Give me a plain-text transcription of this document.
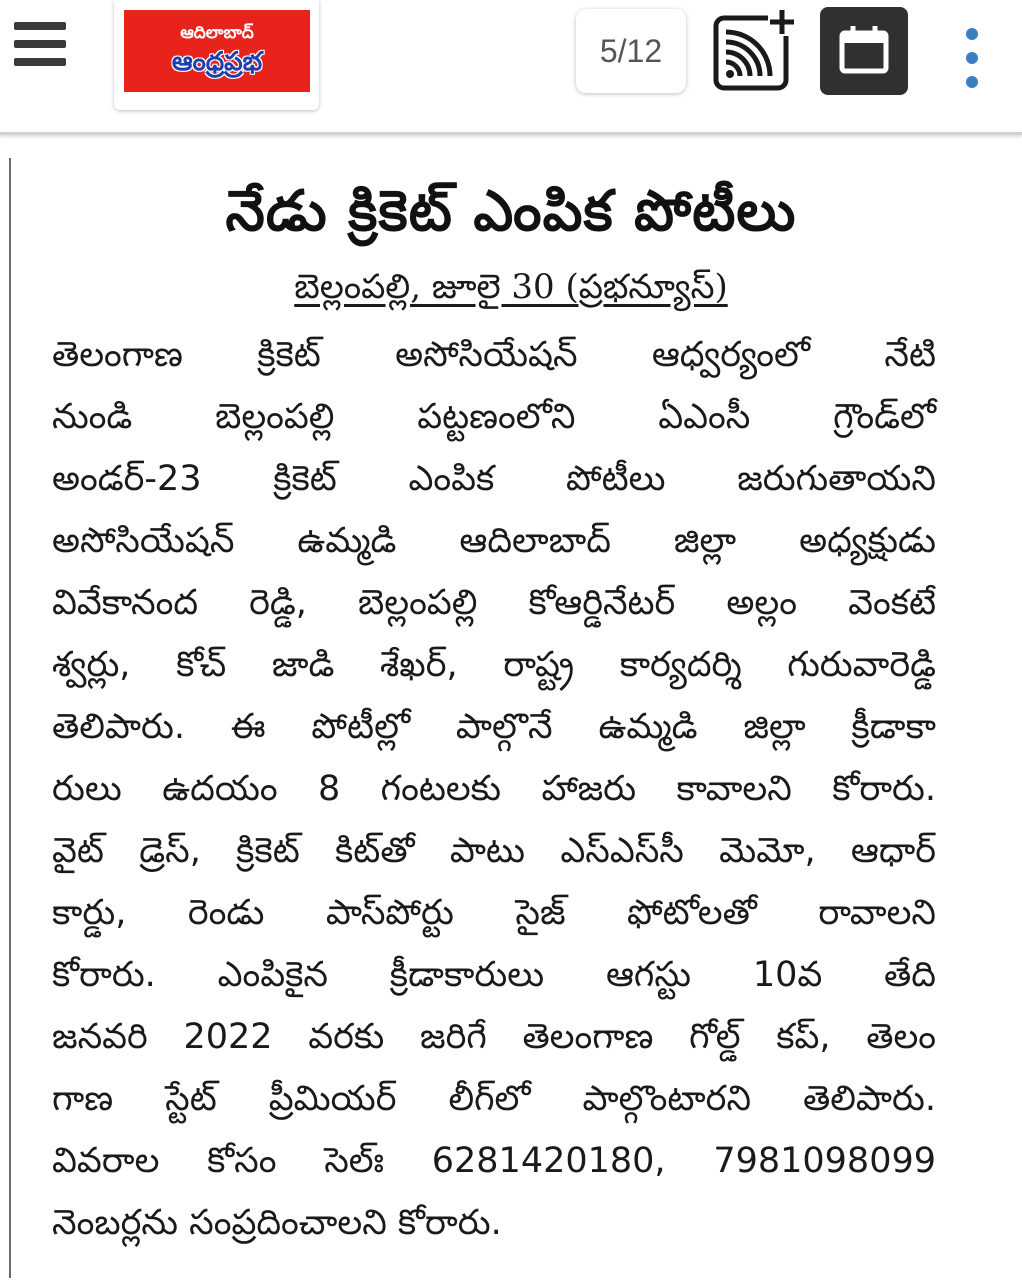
ఆదిలాబాద్
ఆంధ్రప్రభ	5/12
నేడు క్రికెట్ ఎంపిక పోటీలు
బెల్లంపల్లి, జూలై 30 (ప్రభన్యూస్)
తెలంగాణ క్రికెట్ అసోసియేషన్ ఆధ్వర్యంలో నేటి
నుండి బెల్లంపల్లి పట్టణంలోని ఏఎంసీ గ్రౌండ్‌లో
అండర్-23 క్రికెట్ ఎంపిక పోటీలు జరుగుతాయని
అసోసియేషన్ ఉమ్మడి ఆదిలాబాద్ జిల్లా అధ్యక్షుడు
వివేకానంద రెడ్డి, బెల్లంపల్లి కోఆర్డినేటర్ అల్లం వెంకటే
శ్వర్లు, కోచ్ జాడి శేఖర్, రాష్ట్ర కార్యదర్శి గురువారెడ్డి
తెలిపారు. ఈ పోటీల్లో పాల్గొనే ఉమ్మడి జిల్లా క్రీడాకా
రులు ఉదయం 8 గంటలకు హాజరు కావాలని కోరారు.
వైట్ డ్రెస్, క్రికెట్ కిట్‌తో పాటు ఎస్ఎస్‌సీ మెమో, ఆధార్
కార్డు, రెండు పాస్‌పోర్టు సైజ్ ఫోటోలతో రావాలని
కోరారు. ఎంపికైన క్రీడాకారులు ఆగస్టు 10వ తేది
జనవరి 2022 వరకు జరిగే తెలంగాణ గోల్డ్ కప్, తెలం
గాణ స్టేట్ ప్రీమియర్ లీగ్‌లో పాల్గొంటారని తెలిపారు.
వివరాల కోసం సెల్ః 6281420180, 7981098099
నెంబర్లను సంప్రదించాలని కోరారు.
